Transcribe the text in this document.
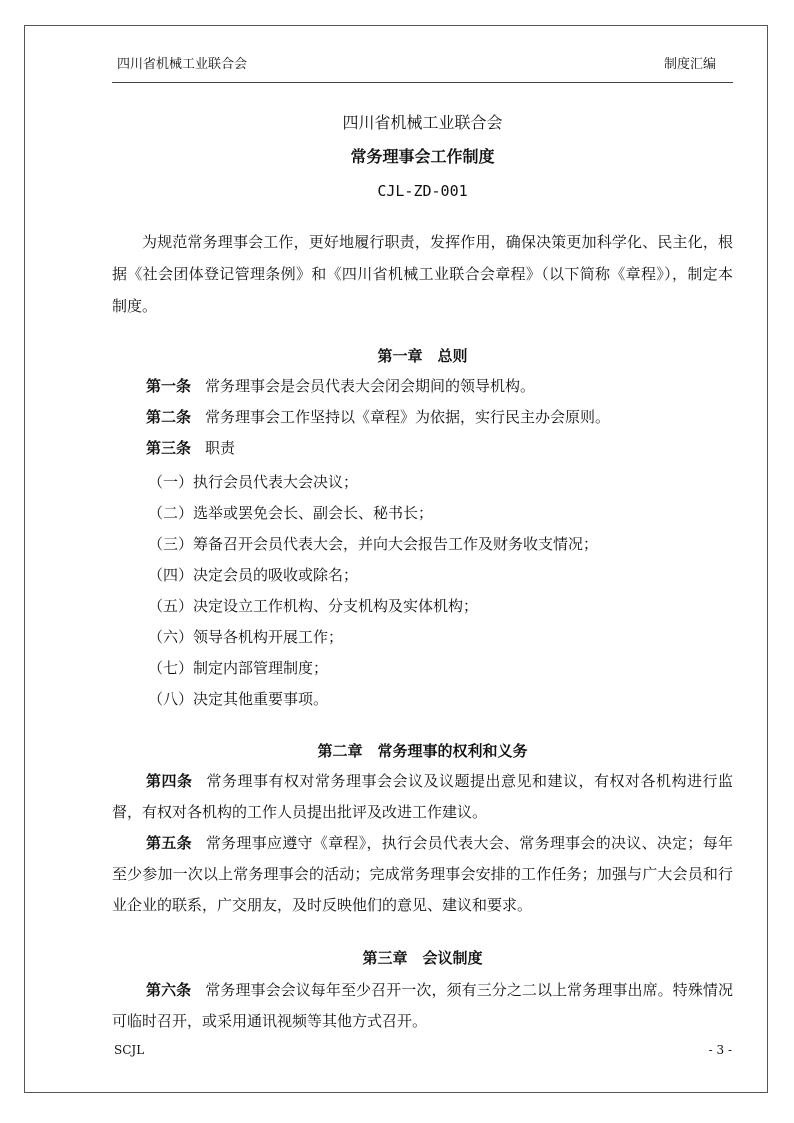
四川省机械工业联合会	制度汇编
四川省机械工业联合会
常务理事会工作制度
CJL-ZD-001
为规范常务理事会工作，更好地履行职责，发挥作用，确保决策更加科学化、民主化，根据《社会团体登记管理条例》和《四川省机械工业联合会章程》（以下简称《章程》），制定本制度。
第一章　总则
第一条 常务理事会是会员代表大会闭会期间的领导机构。
第二条 常务理事会工作坚持以《章程》为依据，实行民主办会原则。
第三条 职责
（一）执行会员代表大会决议；
（二）选举或罢免会长、副会长、秘书长；
（三）筹备召开会员代表大会，并向大会报告工作及财务收支情况；
（四）决定会员的吸收或除名；
（五）决定设立工作机构、分支机构及实体机构；
（六）领导各机构开展工作；
（七）制定内部管理制度；
（八）决定其他重要事项。
第二章　常务理事的权利和义务
第四条 常务理事有权对常务理事会会议及议题提出意见和建议，有权对各机构进行监督，有权对各机构的工作人员提出批评及改进工作建议。
第五条 常务理事应遵守《章程》，执行会员代表大会、常务理事会的决议、决定；每年至少参加一次以上常务理事会的活动；完成常务理事会安排的工作任务；加强与广大会员和行业企业的联系，广交朋友，及时反映他们的意见、建议和要求。
第三章　会议制度
第六条 常务理事会会议每年至少召开一次，须有三分之二以上常务理事出席。特殊情况可临时召开，或采用通讯视频等其他方式召开。
SCJL	- 3 -
